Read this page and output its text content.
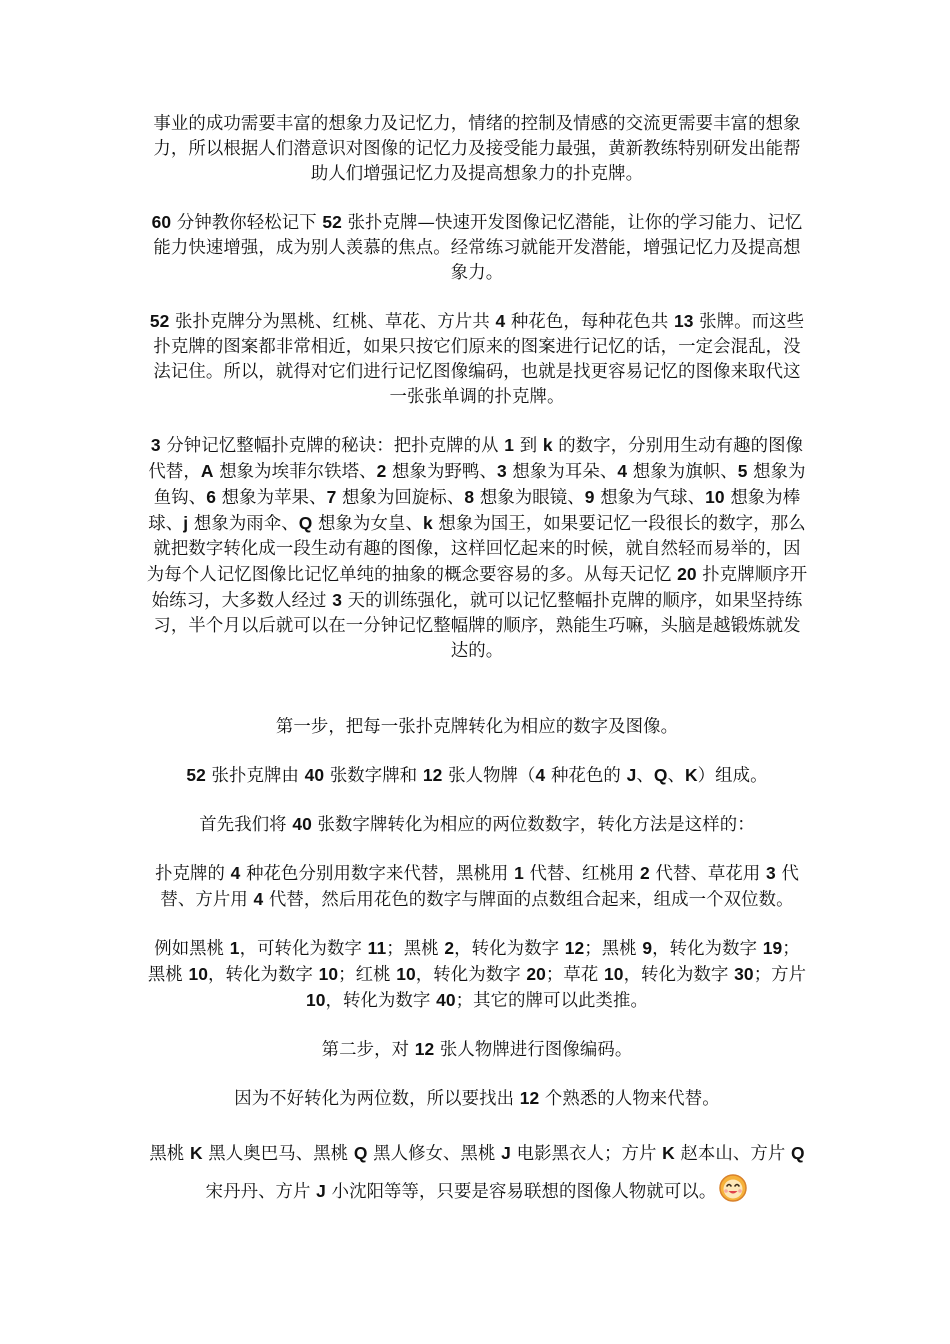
事业的成功需要丰富的想象力及记忆力，情绪的控制及情感的交流更需要丰富的想象力，所以根据人们潜意识对图像的记忆力及接受能力最强，黄新教练特别研发出能帮助人们增强记忆力及提高想象力的扑克牌。

60 分钟教你轻松记下 52 张扑克牌—快速开发图像记忆潜能，让你的学习能力、记忆能力快速增强，成为别人羡慕的焦点。经常练习就能开发潜能，增强记忆力及提高想象力。

52 张扑克牌分为黑桃、红桃、草花、方片共 4 种花色，每种花色共 13 张牌。而这些扑克牌的图案都非常相近，如果只按它们原来的图案进行记忆的话，一定会混乱，没法记住。所以，就得对它们进行记忆图像编码，也就是找更容易记忆的图像来取代这一张张单调的扑克牌。

3 分钟记忆整幅扑克牌的秘诀：把扑克牌的从 1 到 k 的数字，分别用生动有趣的图像代替，A 想象为埃菲尔铁塔、2 想象为野鸭、3 想象为耳朵、4 想象为旗帜、5 想象为鱼钩、6 想象为苹果、7 想象为回旋标、8 想象为眼镜、9 想象为气球、10 想象为棒球、j 想象为雨伞、Q 想象为女皇、k 想象为国王，如果要记忆一段很长的数字，那么就把数字转化成一段生动有趣的图像，这样回忆起来的时候，就自然轻而易举的，因为每个人记忆图像比记忆单纯的抽象的概念要容易的多。从每天记忆 20 扑克牌顺序开始练习，大多数人经过 3 天的训练强化，就可以记忆整幅扑克牌的顺序，如果坚持练习，半个月以后就可以在一分钟记忆整幅牌的顺序，熟能生巧嘛，头脑是越锻炼就发达的。

第一步，把每一张扑克牌转化为相应的数字及图像。

52 张扑克牌由 40 张数字牌和 12 张人物牌（4 种花色的 J、Q、K）组成。

首先我们将 40 张数字牌转化为相应的两位数数字，转化方法是这样的：

扑克牌的 4 种花色分别用数字来代替，黑桃用 1 代替、红桃用 2 代替、草花用 3 代替、方片用 4 代替，然后用花色的数字与牌面的点数组合起来，组成一个双位数。

例如黑桃 1，可转化为数字 11；黑桃 2，转化为数字 12；黑桃 9，转化为数字 19；黑桃 10，转化为数字 10；红桃 10，转化为数字 20；草花 10，转化为数字 30；方片 10，转化为数字 40；其它的牌可以此类推。

第二步，对 12 张人物牌进行图像编码。

因为不好转化为两位数，所以要找出 12 个熟悉的人物来代替。

黑桃 K 黑人奥巴马、黑桃 Q 黑人修女、黑桃 J 电影黑衣人；方片 K 赵本山、方片 Q 宋丹丹、方片 J 小沈阳等等，只要是容易联想的图像人物就可以。
